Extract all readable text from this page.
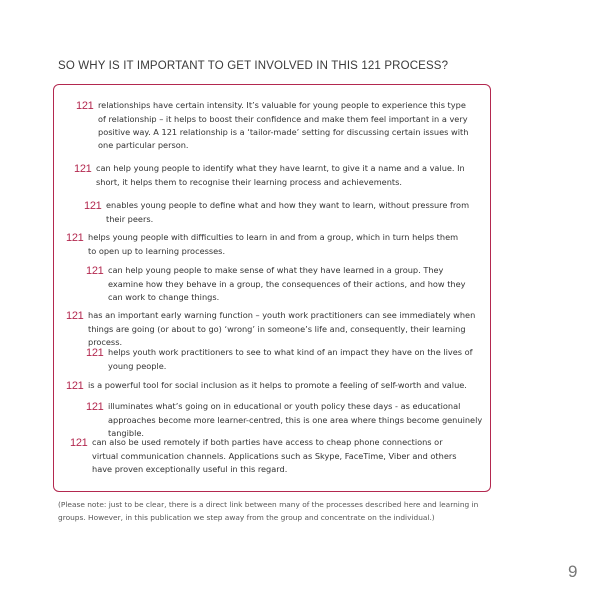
SO WHY IS IT IMPORTANT TO GET INVOLVED IN THIS 121 PROCESS?
121 relationships have certain intensity. It’s valuable for young people to experience this type of relationship – it helps to boost their confidence and make them feel important in a very positive way. A 121 relationship is a ‘tailor-made’ setting for discussing certain issues with one particular person.
121 can help young people to identify what they have learnt, to give it a name and a value. In short, it helps them to recognise their learning process and achievements.
121 enables young people to define what and how they want to learn, without pressure from their peers.
121 helps young people with difficulties to learn in and from a group, which in turn helps them to open up to learning processes.
121 can help young people to make sense of what they have learned in a group. They examine how they behave in a group, the consequences of their actions, and how they can work to change things.
121 has an important early warning function – youth work practitioners can see immediately when things are going (or about to go) ‘wrong’ in someone’s life and, consequently, their learning process.
121 helps youth work practitioners to see to what kind of an impact they have on the lives of young people.
121 is a powerful tool for social inclusion as it helps to promote a feeling of self-worth and value.
121 illuminates what’s going on in educational or youth policy these days - as educational approaches become more learner-centred, this is one area where things become genuinely tangible.
121 can also be used remotely if both parties have access to cheap phone connections or virtual communication channels. Applications such as Skype, FaceTime, Viber and others have proven exceptionally useful in this regard.
(Please note: just to be clear, there is a direct link between many of the processes described here and learning in groups. However, in this publication we step away from the group and concentrate on the individual.)
9
